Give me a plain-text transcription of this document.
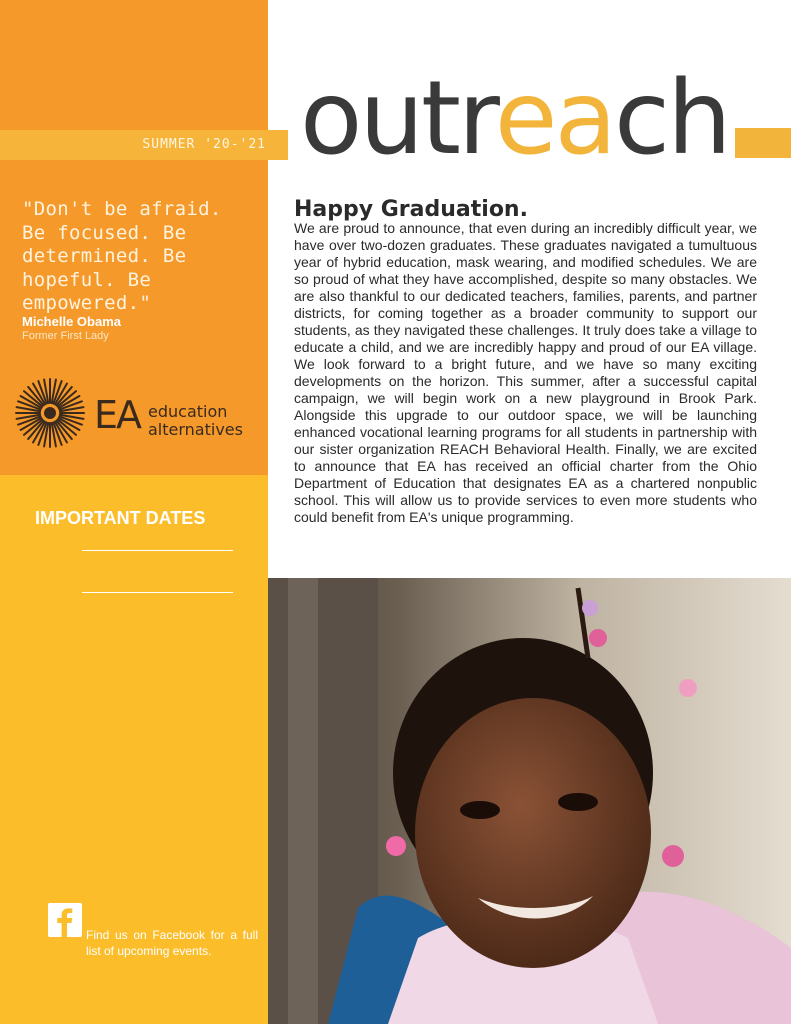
SUMMER '20-'21 outreach
"Don't be afraid. Be focused. Be determined. Be hopeful. Be empowered."
Michelle Obama
Former First Lady
EA education
alternatives
IMPORTANT DATES
MEMORIAL DAY
Find us on Facebook for a full list of upcoming events.
Happy Graduation.

We are proud to announce, that even during an incredibly difficult year, we have over two-dozen graduates. These graduates navigated a tumultuous year of hybrid education, mask wearing, and modified schedules. We are so proud of what they have accomplished, despite so many obstacles. We are also thankful to our dedicated teachers, families, parents, and partner districts, for coming together as a broader community to support our students, as they navigated these challenges. It truly does take a village to educate a child, and we are incredibly happy and proud of our EA village. We look forward to a bright future, and we have so many exciting developments on the horizon. This summer, after a successful capital campaign, we will begin work on a new playground in Brook Park. Alongside this upgrade to our outdoor space, we will be launching enhanced vocational learning programs for all students in partnership with our sister organization REACH Behavioral Health. Finally, we are excited to announce that EA has received an official charter from the Ohio Department of Education that designates EA as a chartered nonpublic school. This will allow us to provide services to even more students who could benefit from EA's unique programming.
